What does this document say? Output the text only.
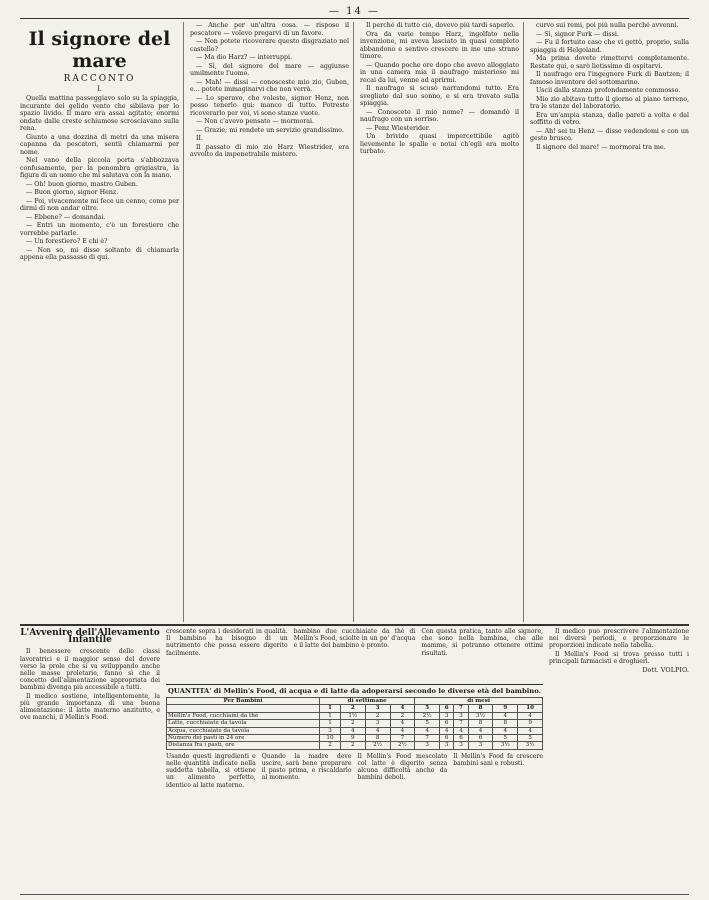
— 14 —
Il signore del mare
RACCONTO
I.

Quella mattina passeggiavo solo su la spiaggia, incurante del gelido vento che sibilava per lo spazio livido. Il mare era assai agitato; enormi ondate dalle creste schiumose scrosciavano sulla rena.

Giunto a una dozzina di metri da una misera capanna da pescatori, sentii chiamarmi per nome.

Nel vano della piccola porta s'abbozzava confusamente, per la penombra grigiastra, la figura di un uomo che mi salutava con la mano.

— Oh! buon giorno, mastro Guben.

— Buon giorno, signor Henz.

— Poi, vivacemente mi fece un cenno, come per dirmi di non andar oltre.

— Ebbene? — domandai.

— Entri un momento, c'è un forestiero che vorrebbe parlarle.

— Un forestiero? E chi è?

— Non so, mi disse soltanto di chiamarla appena ella passasse di qui.

— Anche per un'altra cosa. — rispose il pescatore — volevo pregarvi di un favore.

— Non potete ricoverare questo disgraziato nel castello?

— Ma dio Harz? — interruppi.

— Sì, del signore del mare — aggiunse umilmente l'uomo.

— Mah! — dissi — conosceste mio zio, Guben, e... potete immaginarvi che non verrà.

— Lo speravo, che voleste, signor Henz, non posso tenerlo qui: manco di tutto. Potreste ricoverarlo per voi, vi sono stanze vuote.

— Non c'avevo pensato — mormorai.

— Grazie; mi rendete un servizio grandissimo.

II.

Il passato di mio zio Harz Wiestrider, era avvolto da impenetrabile mistero.

Il perché di tutto ciò, dovevo più tardi saperlo.

Ora da varie tempo Harz, ingolfato nella invenzione, mi aveva lasciato in quasi completo abbandono e sentivo crescere in me uno strano timore.

— Quando poche ore dopo che avevo alloggiato in una camera mia il naufrago misterioso mi recai da lui, venne ad aprirmi.

Il naufrago si scusò narrandomi tutto. Era svegliato dal suo sonno, e si era trovato sulla spiaggia.

— Conoscete il mio nome? — domandò il naufrago con un sorriso.

— Penz Wiesterider.

Un brivido quasi impercettibile agitò lievemente le spalle e notai ch'egli era molto turbato.

curvo sui remi, poi più nulla perché avvenni.

— Sì, signor Furk — dissi.

— Fu il fortuito caso che vi gettò, proprio, sulla spiaggia di Helgoland.

Ma prima dovete rimettervi completamente. Restate qui, e sarò lietissimo di ospitarvi.

Il naufrago era l'ingegnere Furk di Bautzen; il famoso inventore del sottomarino.

Uscii dalla stanza profondamente commosso.

Mio zio abitava tutto il giorno al piano terreno, tra le stanze del laboratorio.

Era un'ampia stanza, dalle pareti a volta e dal soffitto di vetro.

— Ah! sei tu Henz — disse vedendomi e con un gesto brusco.

Il signore del mare! — mormorai tra me.

L'Avvenire dell'Allevamento Infantile

Il benessere crescente delle classi lavoratrici e il maggior senso del dovere verso la prole che si va sviluppando anche nelle masse proletarie, fanno sì che il concetto dell'alimentazione appropriata dei bambini divenga più accessibile a tutti.

Il medico sostiene, intelligentemente, la più grande importanza di una buona alimentazione: il latte materno anzitutto, e ove manchi, il Mellin's Food.

crescente sopra i desiderati in qualità. Il bambino ha bisogno di un nutrimento che possa essere digerito facilmente.
bambino due cucchiaiate da thè di Mellin's Food, sciolte in un po' d'acqua e il latte del bambino è pronto.
Con questa pratica, tanto alle signore, che sono nella bambina, che alle mamme, si potranno ottenere ottimi risultati.
QUANTITA' di Mellin's Food, di acqua e di latte da adoperarsi secondo le diverse età del bambino.
Per Bambini	di settimane				di mesi					
	1	2	3	4	5	6	7	8	9	10
Mellin's Food, cucchiaini da thè	1	1½	2	2	2½	3	3	3½	4	4
Latte, cucchiaiate da tavola	1	2	3	4	5	6	7	8	8	9
Acqua, cucchiaiate da tavola	3	4	4	4	4	4	4	4	4	4
Numero dei pasti in 24 ore	10	9	8	7	7	6	6	6	5	5
Distanza fra i pasti, ore	2	2	2½	2½	3	3	3	3	3½	3½
Usando questi ingredienti e nelle quantità indicate nella suddetta tabella, si ottiene un alimento perfetto, identico al latte materno.
Quando la madre deve uscire, sarà bene preparare il pasto prima, e riscaldarlo al momento.
Il Mellin's Food mescolato col latte è digerito senza alcuna difficoltà anche da bambini deboli.
Il Mellin's Food fa crescere bambini sani e robusti.

Il medico può prescrivere l'alimentazione nei diversi periodi, e proporzionare le proporzioni indicate nella tabella.

Il Mellin's Food si trova presso tutti i principali farmacisti e droghieri.

Dott. VOLPIO.
